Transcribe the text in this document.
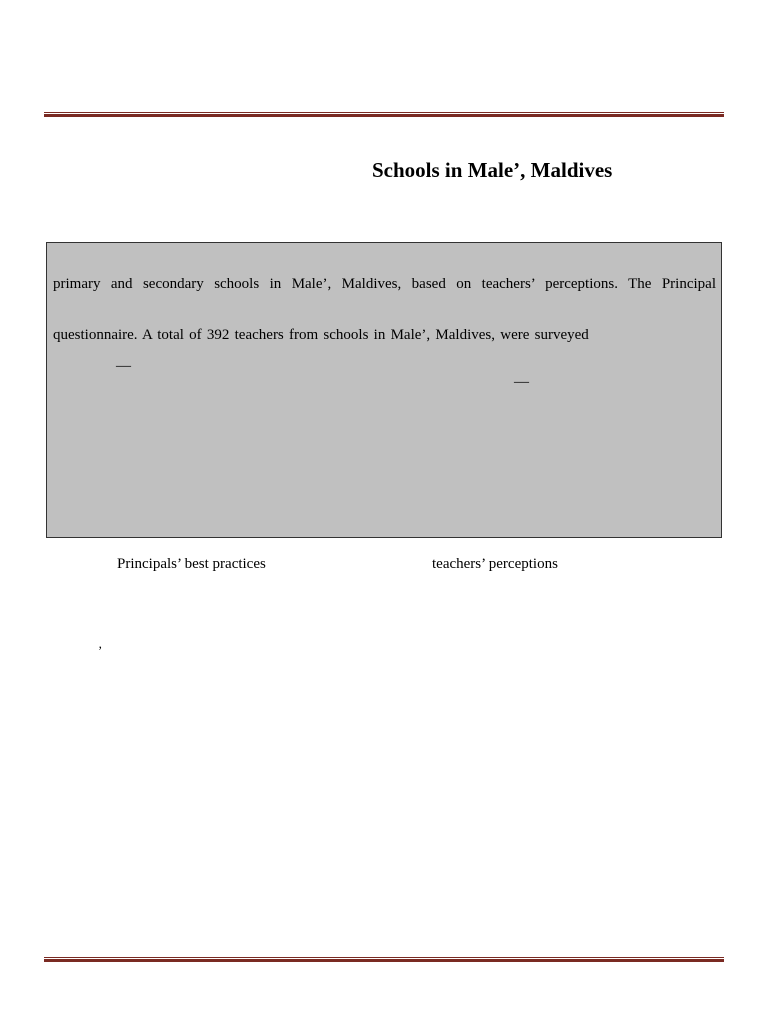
Schools in Male’, Maldives
primary and secondary schools in Male’, Maldives, based on teachers’ perceptions. The Principal
questionnaire. A total of 392 teachers from schools in Male’, Maldives, were surveyed
—
—
Principals’ best practices	teachers’ perceptions
’
